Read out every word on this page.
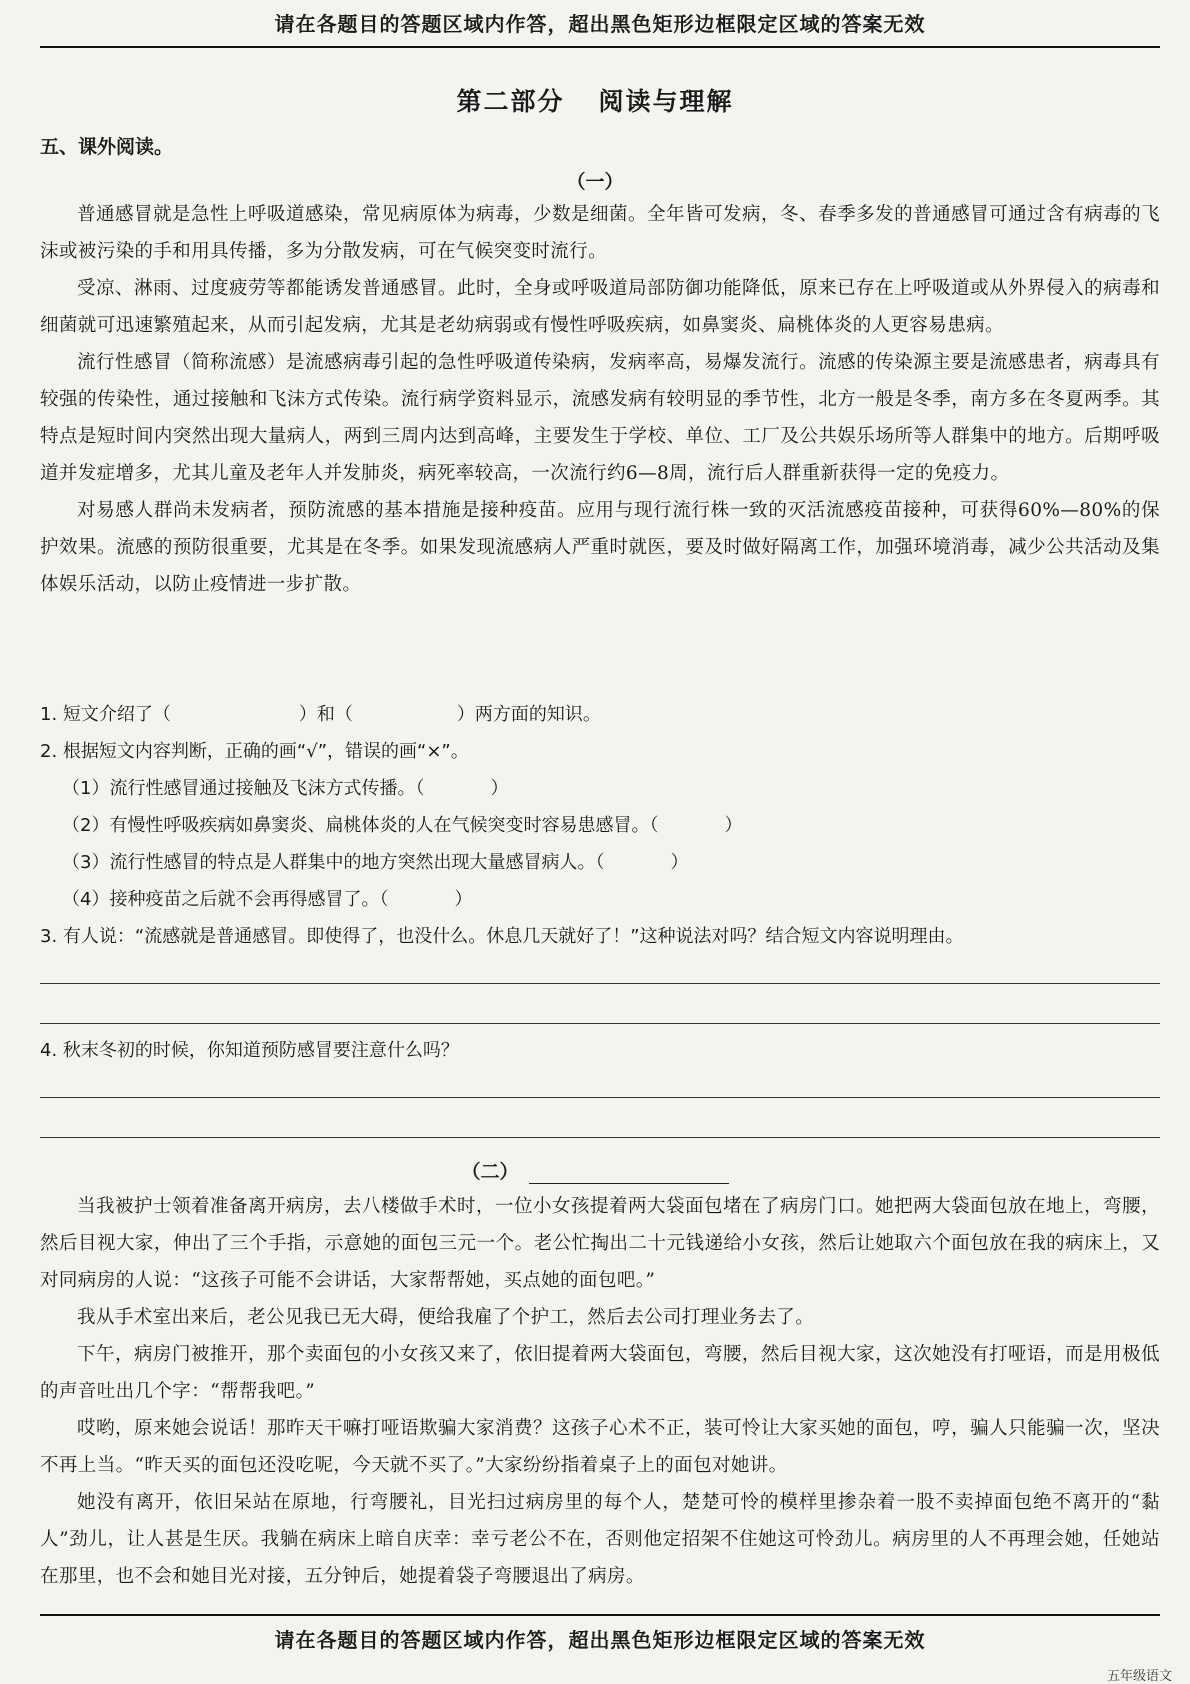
请在各题目的答题区域内作答，超出黑色矩形边框限定区域的答案无效
第二部分 阅读与理解
五、课外阅读。
（一）

普通感冒就是急性上呼吸道感染，常见病原体为病毒，少数是细菌。全年皆可发病，冬、春季多发的普通感冒可通过含有病毒的飞沫或被污染的手和用具传播，多为分散发病，可在气候突变时流行。

受凉、淋雨、过度疲劳等都能诱发普通感冒。此时，全身或呼吸道局部防御功能降低，原来已存在上呼吸道或从外界侵入的病毒和细菌就可迅速繁殖起来，从而引起发病，尤其是老幼病弱或有慢性呼吸疾病，如鼻窦炎、扁桃体炎的人更容易患病。

流行性感冒（简称流感）是流感病毒引起的急性呼吸道传染病，发病率高，易爆发流行。流感的传染源主要是流感患者，病毒具有较强的传染性，通过接触和飞沫方式传染。流行病学资料显示，流感发病有较明显的季节性，北方一般是冬季，南方多在冬夏两季。其特点是短时间内突然出现大量病人，两到三周内达到高峰，主要发生于学校、单位、工厂及公共娱乐场所等人群集中的地方。后期呼吸道并发症增多，尤其儿童及老年人并发肺炎，病死率较高，一次流行约6—8周，流行后人群重新获得一定的免疫力。

对易感人群尚未发病者，预防流感的基本措施是接种疫苗。应用与现行流行株一致的灭活流感疫苗接种，可获得60%—80%的保护效果。流感的预防很重要，尤其是在冬季。如果发现流感病人严重时就医，要及时做好隔离工作，加强环境消毒，减少公共活动及集体娱乐活动，以防止疫情进一步扩散。

1. 短文介绍了（	）和（	）两方面的知识。
2. 根据短文内容判断，正确的画“√”，错误的画“×”。
（1）流行性感冒通过接触及飞沫方式传播。（	）
（2）有慢性呼吸疾病如鼻窦炎、扁桃体炎的人在气候突变时容易患感冒。（	）
（3）流行性感冒的特点是人群集中的地方突然出现大量感冒病人。（	）
（4）接种疫苗之后就不会再得感冒了。（	）
3. 有人说：“流感就是普通感冒。即使得了，也没什么。休息几天就好了！”这种说法对吗？结合短文内容说明理由。
4. 秋末冬初的时候，你知道预防感冒要注意什么吗？
（二）

当我被护士领着准备离开病房，去八楼做手术时，一位小女孩提着两大袋面包堵在了病房门口。她把两大袋面包放在地上，弯腰，然后目视大家，伸出了三个手指，示意她的面包三元一个。老公忙掏出二十元钱递给小女孩，然后让她取六个面包放在我的病床上，又对同病房的人说：“这孩子可能不会讲话，大家帮帮她，买点她的面包吧。”

我从手术室出来后，老公见我已无大碍，便给我雇了个护工，然后去公司打理业务去了。

下午，病房门被推开，那个卖面包的小女孩又来了，依旧提着两大袋面包，弯腰，然后目视大家，这次她没有打哑语，而是用极低的声音吐出几个字：“帮帮我吧。”

哎哟，原来她会说话！那昨天干嘛打哑语欺骗大家消费？这孩子心术不正，装可怜让大家买她的面包，哼，骗人只能骗一次，坚决不再上当。“昨天买的面包还没吃呢，今天就不买了。”大家纷纷指着桌子上的面包对她讲。

她没有离开，依旧呆站在原地，行弯腰礼，目光扫过病房里的每个人，楚楚可怜的模样里掺杂着一股不卖掉面包绝不离开的“黏人”劲儿，让人甚是生厌。我躺在病床上暗自庆幸：幸亏老公不在，否则他定招架不住她这可怜劲儿。病房里的人不再理会她，任她站在那里，也不会和她目光对接，五分钟后，她提着袋子弯腰退出了病房。

请在各题目的答题区域内作答，超出黑色矩形边框限定区域的答案无效
五年级语文
